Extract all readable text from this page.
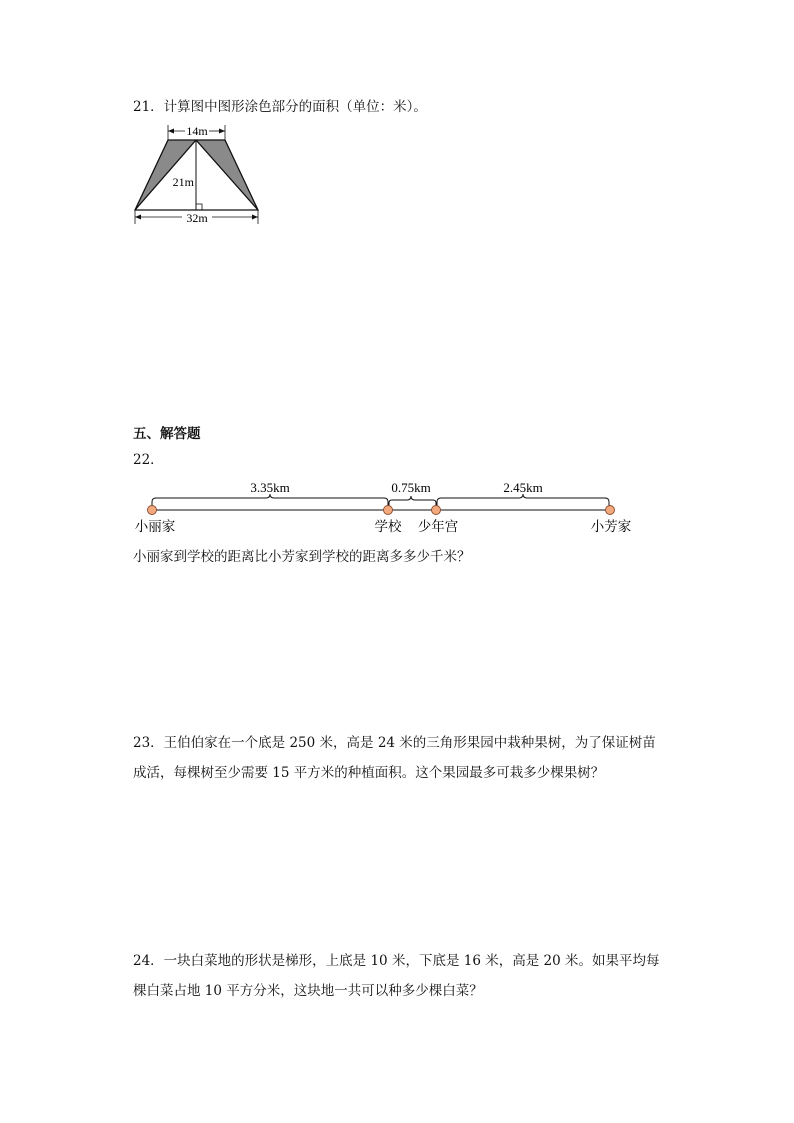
21．计算图中图形涂色部分的面积（单位：米）。
14m
21m
32m
五、解答题
22．
3.35km	0.75km	2.45km
小丽家	学校 少年宫	小芳家
小丽家到学校的距离比小芳家到学校的距离多多少千米？
23．王伯伯家在一个底是 250 米，高是 24 米的三角形果园中栽种果树，为了保证树苗
成活，每棵树至少需要 15 平方米的种植面积。这个果园最多可栽多少棵果树？
24．一块白菜地的形状是梯形，上底是 10 米，下底是 16 米，高是 20 米。如果平均每
棵白菜占地 10 平方分米，这块地一共可以种多少棵白菜？
